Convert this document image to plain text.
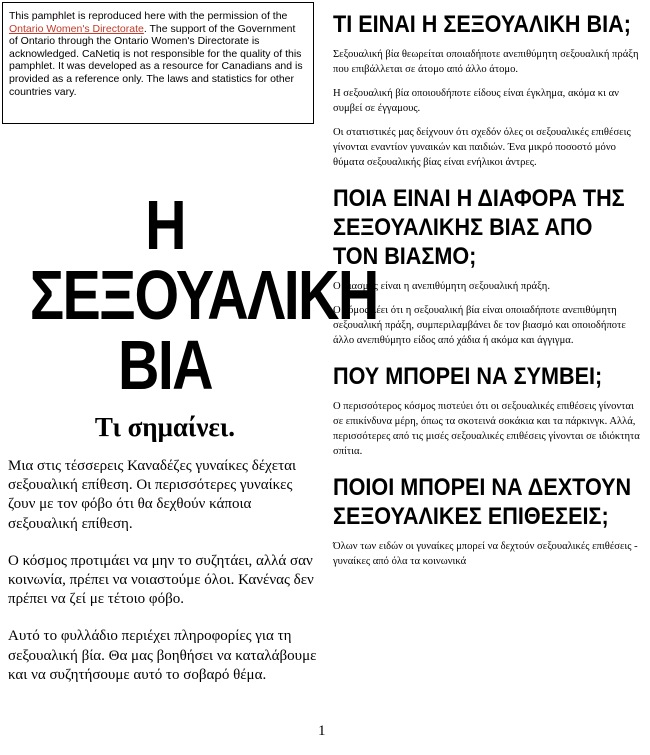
This pamphlet is reproduced here with the permission of the Ontario Women's Directorate. The support of the Government of Ontario through the Ontario Women's Directorate is acknowledged. CaNetiq is not responsible for the quality of this pamphlet. It was developed as a resource for Canadians and is provided as a reference only. The laws and statistics for other countries vary.
Η
ΣΕΞΟΥΑΛΙΚΗ
ΒΙΑ
Τι σημαίνει.

Μια στις τέσσερεις Καναδέζες γυναίκες δέχεται σεξουαλική επίθεση. Οι περισσότερες γυναίκες ζουν με τον φόβο ότι θα δεχθούν κάποια σεξουαλική επίθεση.

Ο κόσμος προτιμάει να μην το συζητάει, αλλά σαν κοινωνία, πρέπει να νοιαστούμε όλοι. Κανένας δεν πρέπει να ζεί με τέτοιο φόβο.

Αυτό το φυλλάδιο περιέχει πληροφορίες για τη σεξουαλική βία. Θα μας βοηθήσει να καταλάβουμε και να συζητήσουμε αυτό το σοβαρό θέμα.

ΤΙ ΕΙΝΑΙ Η ΣΕΞΟΥΑΛΙΚΗ ΒΙΑ;

Σεξουαλική βία θεωρείται οποιαδήποτε ανεπιθύμητη σεξουαλική πράξη που επιβάλλεται σε άτομο από άλλο άτομο.

Η σεξουαλική βία οποιουδήποτε είδους είναι έγκλημα, ακόμα κι αν συμβεί σε έγγαμους.

Οι στατιστικές μας δείχνουν ότι σχεδόν όλες οι σεξουαλικές επιθέσεις γίνονται εναντίον γυναικών και παιδιών. Ένα μικρό ποσοστό μόνο θύματα σεξουαλικής βίας είναι ενήλικοι άντρες.

ΠΟΙΑ ΕΙΝΑΙ Η ΔΙΑΦΟΡΑ ΤΗΣ ΣΕΞΟΥΑΛΙΚΗΣ ΒΙΑΣ ΑΠΟ ΤΟΝ ΒΙΑΣΜΟ;

Ο βιασμός είναι η ανεπιθύμητη σεξουαλική πράξη.

Ο νόμος λέει ότι η σεξουαλική βία είναι οποιαδήποτε ανεπιθύμητη σεξουαλική πράξη, συμπεριλαμβάνει δε τον βιασμό και οποιοδήποτε άλλο ανεπιθύμητο είδος από χάδια ή ακόμα και άγγιγμα.

ΠΟΥ ΜΠΟΡΕΙ ΝΑ ΣΥΜΒΕΙ;

Ο περισσότερος κόσμος πιστεύει ότι οι σεξουαλικές επιθέσεις γίνονται σε επικίνδυνα μέρη, όπως τα σκοτεινά σοκάκια και τα πάρκινγκ. Αλλά, περισσότερες από τις μισές σεξουαλικές επιθέσεις γίνονται σε ιδιόκτητα σπίτια.

ΠΟΙΟΙ ΜΠΟΡΕΙ ΝΑ ΔΕΧΤΟΥΝ ΣΕΞΟΥΑΛΙΚΕΣ ΕΠΙΘΕΣΕΙΣ;

Όλων των ειδών οι γυναίκες μπορεί να δεχτούν σεξουαλικές επιθέσεις - γυναίκες από όλα τα κοινωνικά

1
